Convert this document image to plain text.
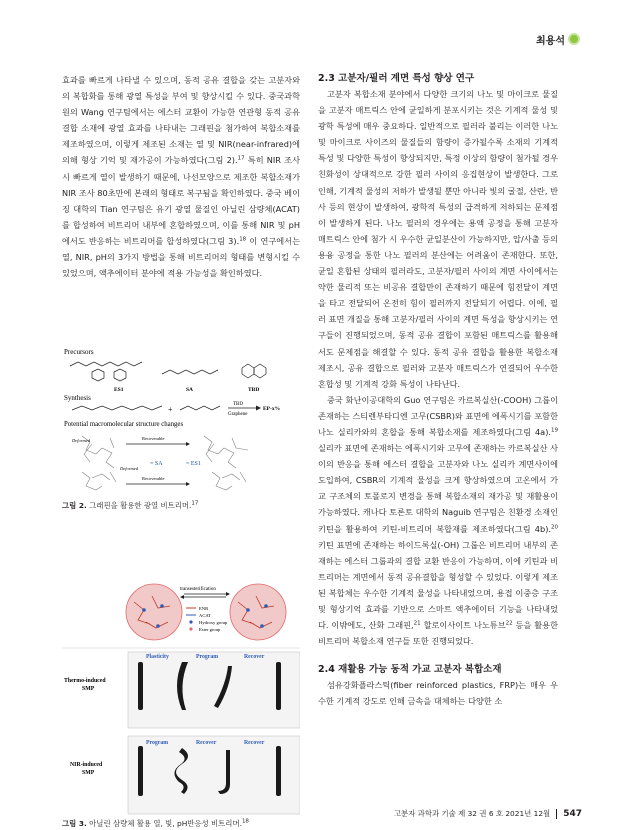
최용석

효과를 빠르게 나타낼 수 있으며, 동적 공유 결합을 갖는 고분자와의 복합화를 통해 광열 특성을 부여 및 향상시킬 수 있다. 중국과학원의 Wang 연구팀에서는 에스터 교환이 가능한 연관형 동적 공유 결합 소재에 광열 효과를 나타내는 그래핀을 첨가하여 복합소재를 제조하였으며, 이렇게 제조된 소재는 열 및 NIR(near-infrared)에 의해 형상 기억 및 재가공이 가능하였다(그림 2).$^{17}$ 특히 NIR 조사 시 빠르게 열이 발생하기 때문에, 나선모양으로 제조한 복합소재가 NIR 조사 80초만에 본래의 형태로 복구됨을 확인하였다. 중국 베이징 대학의 Tian 연구팀은 유기 광열 물질인 아닐린 삼량체(ACAT)를 합성하여 비트리머 내부에 혼합하였으며, 이를 통해 NIR 및 pH에서도 반응하는 비트리머를 합성하였다(그림 3).$^{18}$ 이 연구에서는 열, NIR, pH의 3가지 방법을 통해 비트리머의 형태를 변형시킬 수 있었으며, 액추에이터 분야에 적용 가능성을 확인하였다.

Precursors
ES1	SA	TBD
Synthesis
+
TBD
Graphene
EP-x%
Potential macromolecular structure changes
Deformed	Recoverable
= SA	= ES1
Recoverable
Deformed
그림 2. 그래핀을 활용한 광열 비트리머.$^{17}$
transesterification
ENR
ACAT
Hydroxy group
Ester group
Thermo-induced
SMP
Plasticity	Program	Recover
NIR-induced
SMP
Program	Recover	Recover
그림 3. 아닐린 삼량체 활용 열, 빛, pH반응성 비트리머.$^{18}$

2.3 고분자/필러 계면 특성 향상 연구

고분자 복합소재 분야에서 다양한 크기의 나노 및 마이크로 물질을 고분자 매트릭스 안에 균일하게 분포시키는 것은 기계적 물성 및 광학 특성에 매우 중요하다. 일반적으로 필러라 불리는 이러한 나노 및 마이크로 사이즈의 물질들의 함량이 증가될수록 소재의 기계적 특성 및 다양한 특성이 향상되지만, 특정 이상의 함량이 첨가될 경우 친화성이 상대적으로 강한 필러 사이의 응집현상이 발생한다. 그로 인해, 기계적 물성의 저하가 발생될 뿐만 아니라 빛의 굴절, 산란, 반사 등의 현상이 발생하여, 광학적 특성의 급격하게 저하되는 문제점이 발생하게 된다. 나노 필러의 경우에는 용액 공정을 통해 고분자 매트릭스 안에 첨가 시 우수한 균일분산이 가능하지만, 압/사출 등의 용융 공정을 통한 나노 필러의 분산에는 어려움이 존재한다. 또한, 균일 혼합된 상태의 필러라도, 고분자/필러 사이의 계면 사이에서는 약한 물리적 또는 비공유 결합만이 존재하기 때문에 힘전달이 계면을 타고 전달되어 온전히 힘이 필러까지 전달되기 어렵다. 이에, 필러 표면 개질을 통해 고분자/필러 사이의 계면 특성을 향상시키는 연구들이 진행되었으며, 동적 공유 결합이 포함된 매트릭스를 활용해서도 문제점을 해결할 수 있다. 동적 공유 결합을 활용한 복합소재 제조시, 공유 결합으로 필러와 고분자 매트릭스가 연결되어 우수한 혼합성 및 기계적 강화 특성이 나타난다.

중국 화난이공대학의 Guo 연구팀은 카르복실산(-COOH) 그룹이 존재하는 스티렌부타디엔 고무(CSBR)와 표면에 에폭시기를 포함한 나노 실리카와의 혼합을 통해 복합소재를 제조하였다(그림 4a).$^{19}$ 실리카 표면에 존재하는 에폭시기와 고무에 존재하는 카르복실산 사이의 반응을 통해 에스터 결합을 고분자와 나노 실리카 계면사이에 도입하여, CSBR의 기계적 물성을 크게 향상하였으며 고온에서 가교 구조체의 토폴로지 변경을 통해 복합소재의 재가공 및 재활용이 가능하였다. 캐나다 토론토 대학의 Naguib 연구팀은 친환경 소재인 키틴을 활용하여 키틴-비트리머 복합재를 제조하였다(그림 4b).$^{20}$ 키틴 표면에 존재하는 하이드록실(-OH) 그룹은 비트리머 내부의 존재하는 에스터 그룹과의 결합 교환 반응이 가능하며, 이에 키틴과 비트리머는 계면에서 동적 공유결합을 형성할 수 있었다. 이렇게 제조된 복합체는 우수한 기계적 물성을 나타내었으며, 용접 이중층 구조 및 형상기억 효과를 기반으로 스마트 액추에이터 기능을 나타내었다. 이밖에도, 산화 그래핀,$^{21}$ 할로이사이트 나노튜브$^{22}$ 등을 활용한 비트리머 복합소재 연구들 또한 진행되었다.

2.4 재활용 가능 동적 가교 고분자 복합소재

섬유강화플라스틱(fiber reinforced plastics, FRP)는 매우 우수한 기계적 강도로 인해 금속을 대체하는 다양한 소

고분자 과학과 기술 제 32 권 6 호 2021년 12월 547
